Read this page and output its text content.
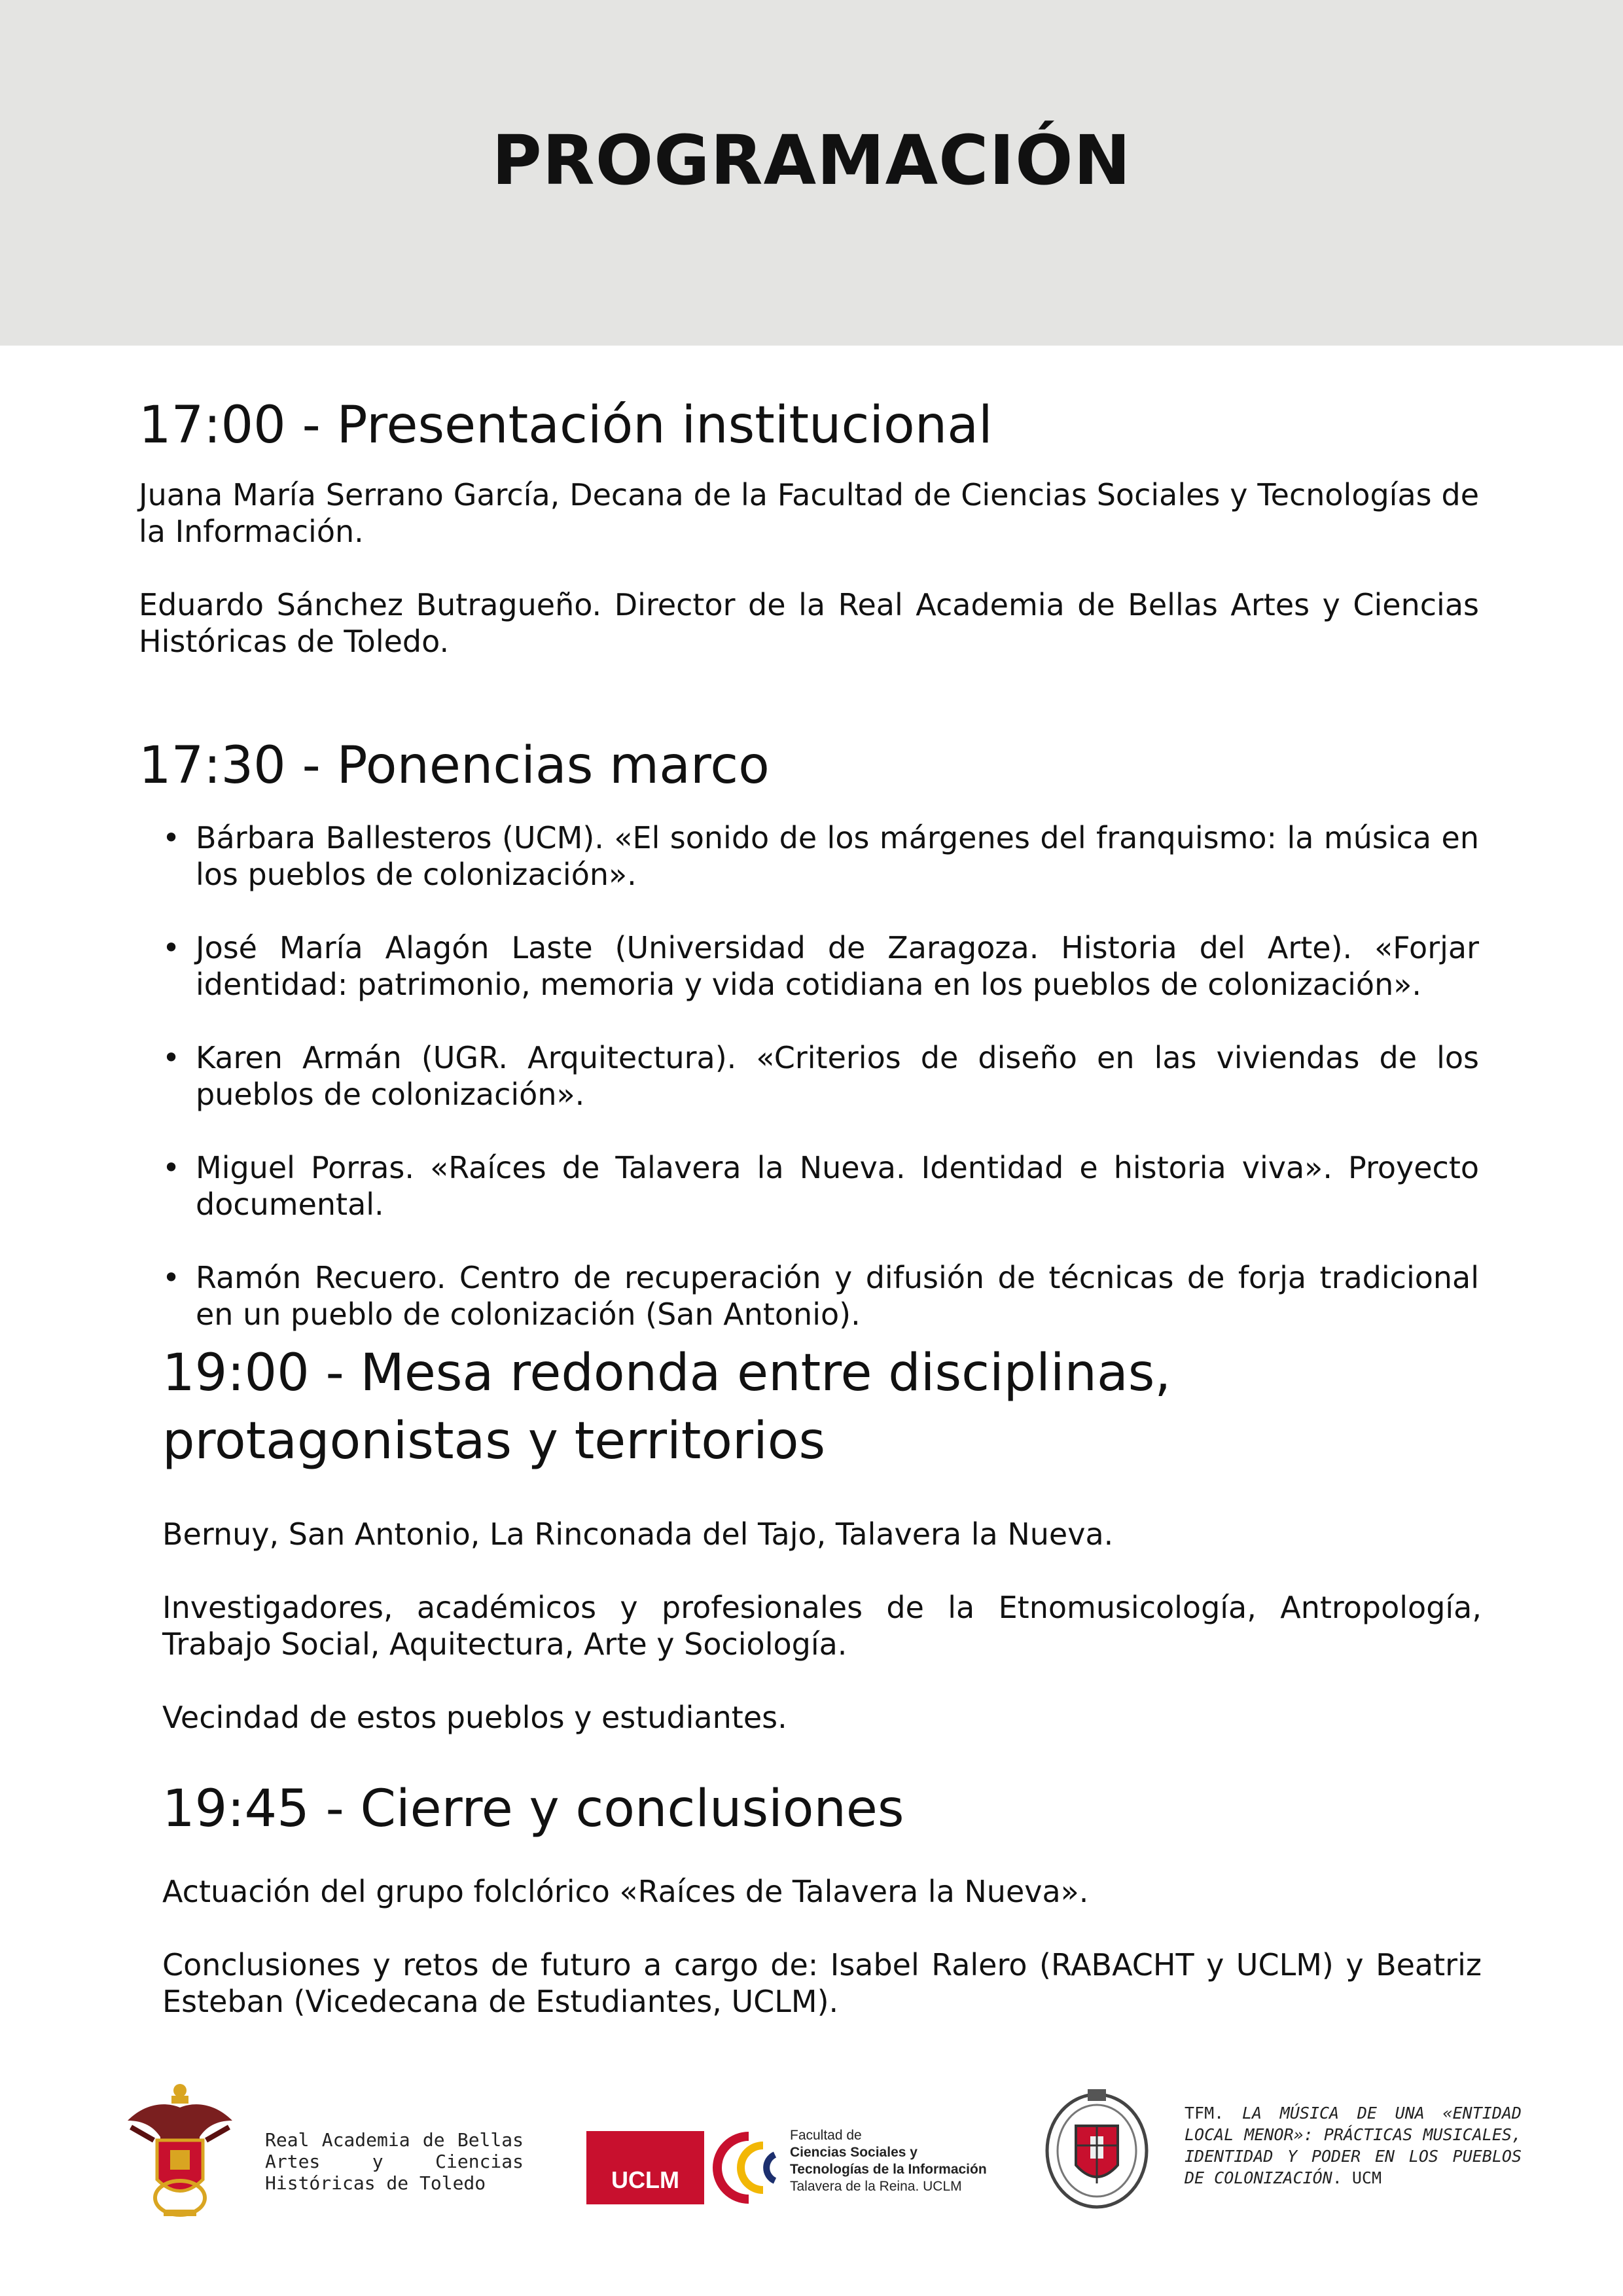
PROGRAMACIÓN
17:00 - Presentación institucional

Juana María Serrano García, Decana de la Facultad de Ciencias Sociales y Tecnologías de la Información.

Eduardo Sánchez Butragueño. Director de la Real Academia de Bellas Artes y Ciencias Históricas de Toledo.

17:30 - Ponencias marco
• Bárbara Ballesteros (UCM). «El sonido de los márgenes del franquismo: la música en los pueblos de colonización».
• José María Alagón Laste (Universidad de Zaragoza. Historia del Arte). «Forjar identidad: patrimonio, memoria y vida cotidiana en los pueblos de colonización».
• Karen Armán (UGR. Arquitectura). «Criterios de diseño en las viviendas de los pueblos de colonización».
• Miguel Porras. «Raíces de Talavera la Nueva. Identidad e historia viva». Proyecto documental.
• Ramón Recuero. Centro de recuperación y difusión de técnicas de forja tradicional en un pueblo de colonización (San Antonio).
19:00 - Mesa redonda entre disciplinas, protagonistas y territorios

Bernuy, San Antonio, La Rinconada del Tajo, Talavera la Nueva.

Investigadores, académicos y profesionales de la Etnomusicología, Antropología, Trabajo Social, Aquitectura, Arte y Sociología.

Vecindad de estos pueblos y estudiantes.

19:45 - Cierre y conclusiones

Actuación del grupo folclórico «Raíces de Talavera la Nueva».

Conclusiones y retos de futuro a cargo de: Isabel Ralero (RABACHT y UCLM) y Beatriz Esteban (Vicedecana de Estudiantes, UCLM).

Real Academia de Bellas Artes y Ciencias Históricas de Toledo	UCLM
Facultad de
Ciencias Sociales y
Tecnologías de la Información
Talavera de la Reina. UCLM
TFM. LA MÚSICA DE UNA «ENTIDAD LOCAL MENOR»: PRÁCTICAS MUSICALES, IDENTIDAD Y PODER EN LOS PUEBLOS DE COLONIZACIÓN. UCM
